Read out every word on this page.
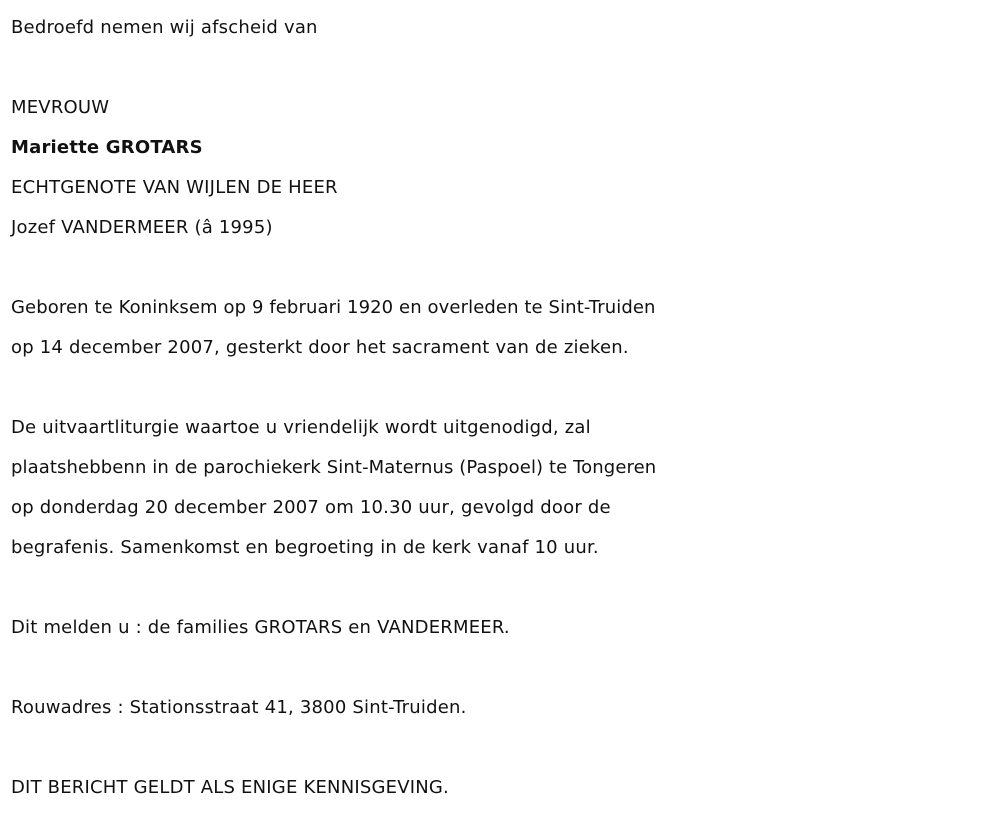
Bedroefd nemen wij afscheid van
MEVROUW
Mariette GROTARS
ECHTGENOTE VAN WIJLEN DE HEER
Jozef VANDERMEER (â 1995)
Geboren te Koninksem op 9 februari 1920 en overleden te Sint-Truiden
op 14 december 2007, gesterkt door het sacrament van de zieken.
De uitvaartliturgie waartoe u vriendelijk wordt uitgenodigd, zal
plaatshebbenn in de parochiekerk Sint-Maternus (Paspoel) te Tongeren
op donderdag 20 december 2007 om 10.30 uur, gevolgd door de
begrafenis. Samenkomst en begroeting in de kerk vanaf 10 uur.
Dit melden u : de families GROTARS en VANDERMEER.
Rouwadres : Stationsstraat 41, 3800 Sint-Truiden.
DIT BERICHT GELDT ALS ENIGE KENNISGEVING.
